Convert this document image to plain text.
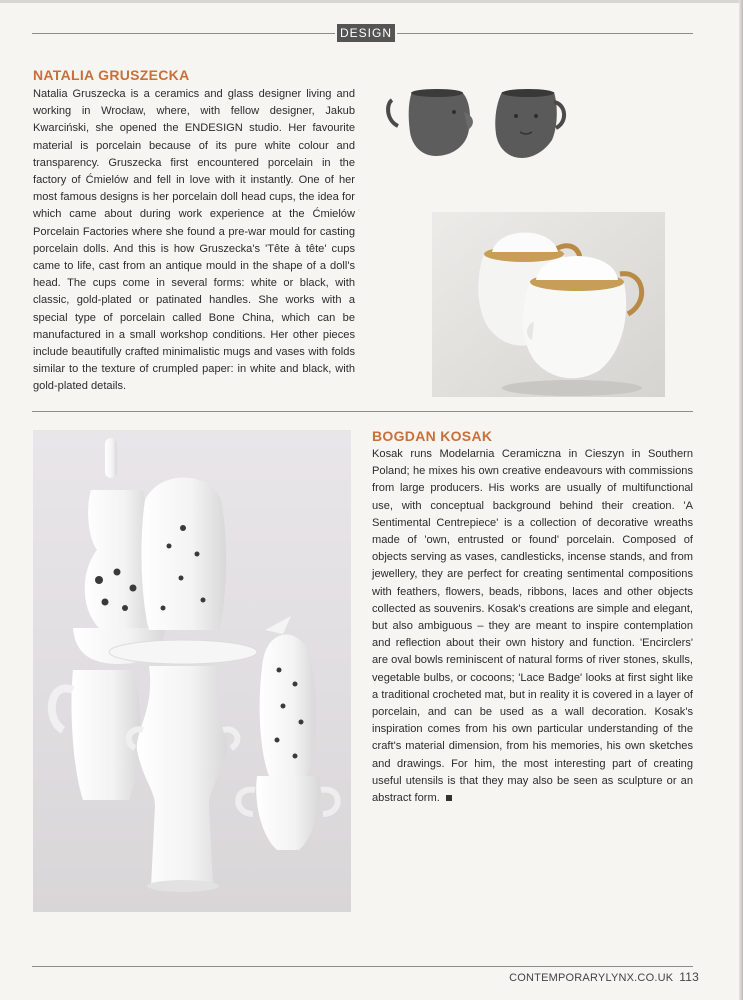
DESIGN
NATALIA GRUSZECKA

Natalia Gruszecka is a ceramics and glass designer living and working in Wrocław, where, with fellow designer, Jakub Kwarciński, she opened the ENDESIGN studio. Her favourite material is porcelain because of its pure white colour and transparency. Gruszecka first encountered porcelain in the factory of Ćmielów and fell in love with it instantly. One of her most famous designs is her porcelain doll head cups, the idea for which came about during work experience at the Ćmielów Porcelain Factories where she found a pre-war mould for casting porcelain dolls. And this is how Gruszecka's 'Tête à tête' cups came to life, cast from an antique mould in the shape of a doll's head. The cups come in several forms: white or black, with classic, gold-plated or patinated handles. She works with a special type of porcelain called Bone China, which can be manufactured in a small workshop conditions. Her other pieces include beautifully crafted minimalistic mugs and vases with folds similar to the texture of crumpled paper: in white and black, with gold-plated details.

BOGDAN KOSAK

Kosak runs Modelarnia Ceramiczna in Cieszyn in Southern Poland; he mixes his own creative endeavours with commissions from large producers. His works are usually of multifunctional use, with conceptual background behind their creation. 'A Sentimental Centrepiece' is a collection of decorative wreaths made of 'own, entrusted or found' porcelain. Composed of objects serving as vases, candlesticks, incense stands, and from jewellery, they are perfect for creating sentimental compositions with feathers, flowers, beads, ribbons, laces and other objects collected as souvenirs. Kosak's creations are simple and elegant, but also ambiguous – they are meant to inspire contemplation and reflection about their own history and function. 'Encirclers' are oval bowls reminiscent of natural forms of river stones, skulls, vegetable bulbs, or cocoons; 'Lace Badge' looks at first sight like a traditional crocheted mat, but in reality it is covered in a layer of porcelain, and can be used as a wall decoration. Kosak's inspiration comes from his own particular understanding of the craft's material dimension, from his memories, his own sketches and drawings. For him, the most interesting part of creating useful utensils is that they may also be seen as sculpture or an abstract form.

CONTEMPORARYLYNX.CO.UK 113
